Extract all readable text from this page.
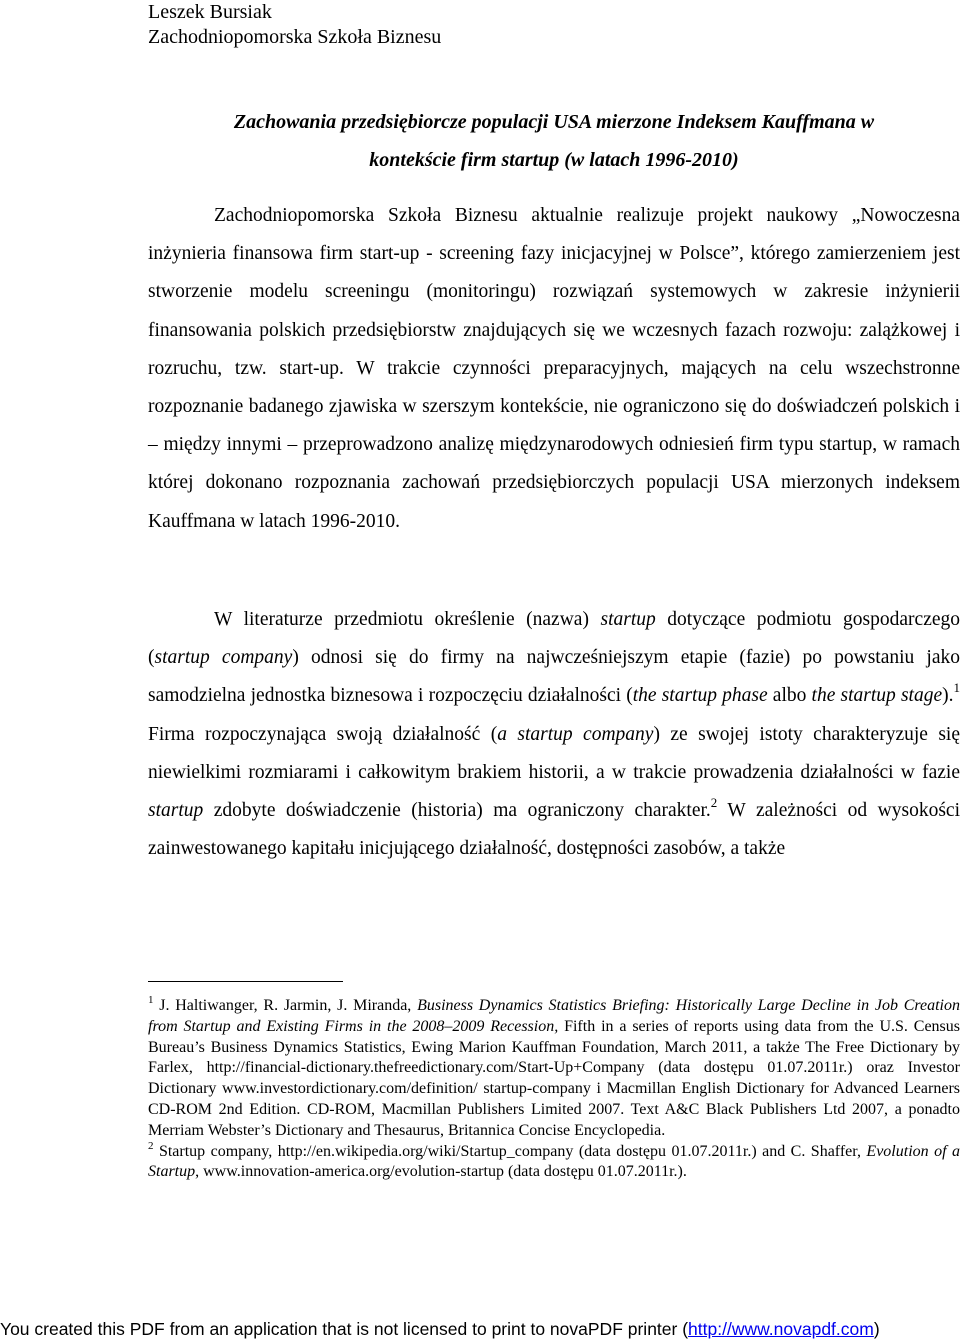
Leszek Bursiak
Zachodniopomorska Szkoła Biznesu
Zachowania przedsiębiorcze populacji USA mierzone Indeksem Kauffmana w
kontekście firm startup (w latach 1996-2010)
Zachodniopomorska Szkoła Biznesu aktualnie realizuje projekt naukowy „Nowoczesna inżynieria finansowa firm start-up - screening fazy inicjacyjnej w Polsce”, którego zamierzeniem jest stworzenie modelu screeningu (monitoringu) rozwiązań systemowych w zakresie inżynierii finansowania polskich przedsiębiorstw znajdujących się we wczesnych fazach rozwoju: zalążkowej i rozruchu, tzw. start-up. W trakcie czynności preparacyjnych, mających na celu wszechstronne rozpoznanie badanego zjawiska w szerszym kontekście, nie ograniczono się do doświadczeń polskich i – między innymi – przeprowadzono analizę międzynarodowych odniesień firm typu startup, w ramach której dokonano rozpoznania zachowań przedsiębiorczych populacji USA mierzonych indeksem Kauffmana w latach 1996-2010.
W literaturze przedmiotu określenie (nazwa) startup dotyczące podmiotu gospodarczego (startup company) odnosi się do firmy na najwcześniejszym etapie (fazie) po powstaniu jako samodzielna jednostka biznesowa i rozpoczęciu działalności (the startup phase albo the startup stage).$^1$ Firma rozpoczynająca swoją działalność (a startup company) ze swojej istoty charakteryzuje się niewielkimi rozmiarami i całkowitym brakiem historii, a w trakcie prowadzenia działalności w fazie startup zdobyte doświadczenie (historia) ma ograniczony charakter.$^2$ W zależności od wysokości zainwestowanego kapitału inicjującego działalność, dostępności zasobów, a także
$^1$ J. Haltiwanger, R. Jarmin, J. Miranda, Business Dynamics Statistics Briefing: Historically Large Decline in Job Creation from Startup and Existing Firms in the 2008–2009 Recession, Fifth in a series of reports using data from the U.S. Census Bureau’s Business Dynamics Statistics, Ewing Marion Kauffman Foundation, March 2011, a także The Free Dictionary by Farlex, http://financial-dictionary.thefreedictionary.com/Start-Up+Company (data dostępu 01.07.2011r.) oraz Investor Dictionary www.investordictionary.com/definition/ startup-company i Macmillan English Dictionary for Advanced Learners CD-ROM 2nd Edition. CD-ROM, Macmillan Publishers Limited 2007. Text A&C Black Publishers Ltd 2007, a ponadto Merriam Webster’s Dictionary and Thesaurus, Britannica Concise Encyclopedia.
$^2$ Startup company, http://en.wikipedia.org/wiki/Startup_company (data dostępu 01.07.2011r.) and C. Shaffer, Evolution of a Startup, www.innovation-america.org/evolution-startup (data dostępu 01.07.2011r.).
You created this PDF from an application that is not licensed to print to novaPDF printer (http://www.novapdf.com)
